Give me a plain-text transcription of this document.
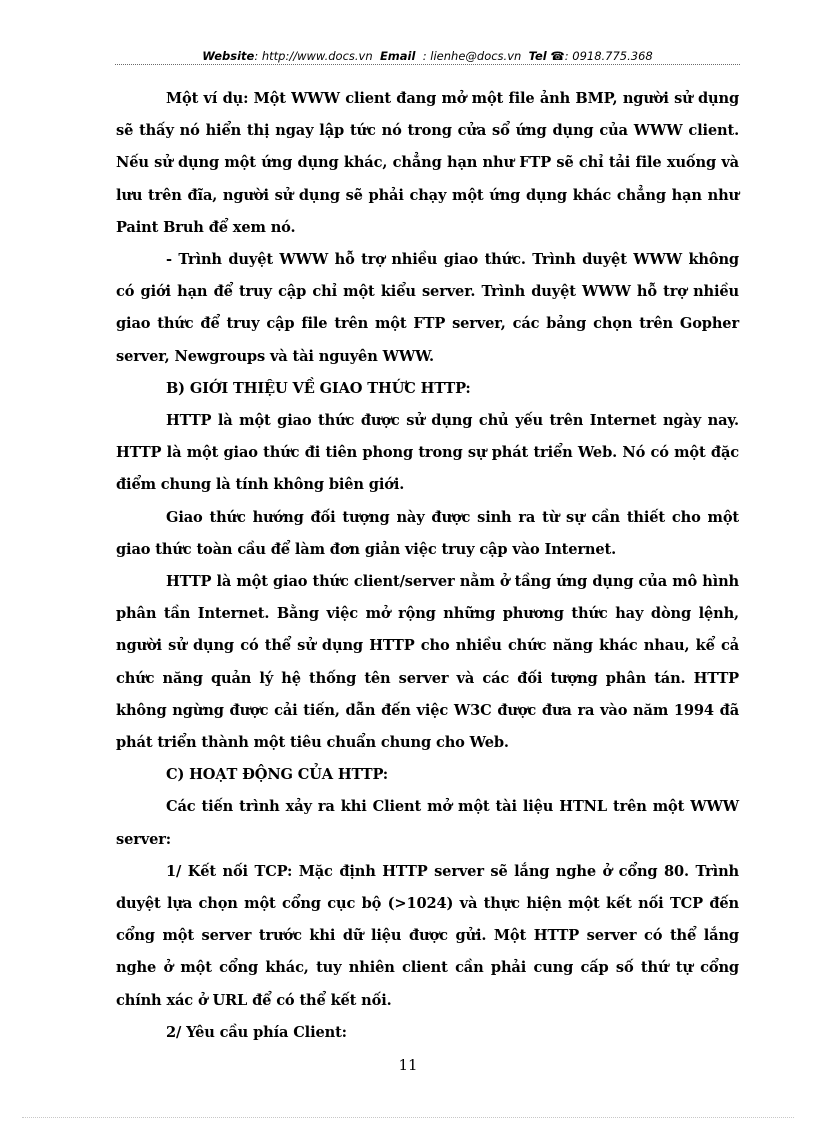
Website: http://www.docs.vn Email : lienhe@docs.vn Tel ☎: 0918.775.368

Một ví dụ: Một WWW client đang mở một file ảnh BMP, người sử dụng sẽ thấy nó hiển thị ngay lập tức nó trong cửa sổ ứng dụng của WWW client. Nếu sử dụng một ứng dụng khác, chẳng hạn như FTP sẽ chỉ tải file xuống và lưu trên đĩa, người sử dụng sẽ phải chạy một ứng dụng khác chẳng hạn như Paint Bruh để xem nó.

- Trình duyệt WWW hỗ trợ nhiều giao thức. Trình duyệt WWW không có giới hạn để truy cập chỉ một kiểu server. Trình duyệt WWW hỗ trợ nhiều giao thức để truy cập file trên một FTP server, các bảng chọn trên Gopher server, Newgroups và tài nguyên WWW.

B) GIỚI THIỆU VỀ GIAO THỨC HTTP:

HTTP là một giao thức được sử dụng chủ yếu trên Internet ngày nay. HTTP là một giao thức đi tiên phong trong sự phát triển Web. Nó có một đặc điểm chung là tính không biên giới.

Giao thức hướng đối tượng này được sinh ra từ sự cần thiết cho một giao thức toàn cầu để làm đơn giản việc truy cập vào Internet.

HTTP là một giao thức client/server nằm ở tầng ứng dụng của mô hình phân tần Internet. Bằng việc mở rộng những phương thức hay dòng lệnh, người sử dụng có thể sử dụng HTTP cho nhiều chức năng khác nhau, kể cả chức năng quản lý hệ thống tên server và các đối tượng phân tán. HTTP không ngừng được cải tiến, dẫn đến việc W3C được đưa ra vào năm 1994 đã phát triển thành một tiêu chuẩn chung cho Web.

C) HOẠT ĐỘNG CỦA HTTP:

Các tiến trình xảy ra khi Client mở một tài liệu HTNL trên một WWW server:

1/ Kết nối TCP: Mặc định HTTP server sẽ lắng nghe ở cổng 80. Trình duyệt lựa chọn một cổng cục bộ (>1024) và thực hiện một kết nối TCP đến cổng một server trước khi dữ liệu được gửi. Một HTTP server có thể lắng nghe ở một cổng khác, tuy nhiên client cần phải cung cấp số thứ tự cổng chính xác ở URL để có thể kết nối.

2/ Yêu cầu phía Client:

11
